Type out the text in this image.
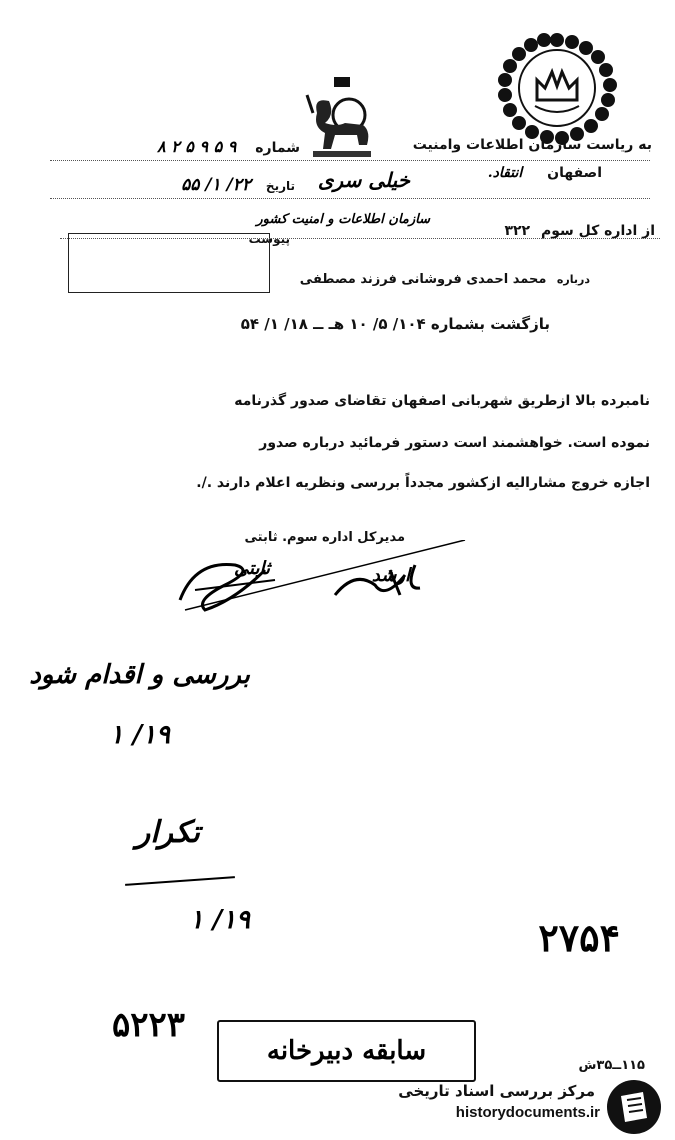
به ریاست سازمان اطلاعات وامنیت
شماره ۹ ۵ ۹ ۵ ۲ ۸
اصفهان انتقاد.
خیلی سری
تاریخ ۲۲/ ۱/ ۵۵
از اداره کل سوم ۳۲۲
سازمان اطلاعات و امنیت کشور
پیوست
درباره محمد احمدی فروشانی فرزند مصطفی
بازگشت بشماره ۱۰۴/ ۵/ ۱۰ هـ ــ ۱۸/ ۱/ ۵۴
نامبرده بالا ازطریق شهربانی اصفهان تقاضای صدور گذرنامه
نموده است. خواهشمند است دستور فرمائید درباره صدور
اجازه خروج مشارالیه ازکشور مجدداً بررسی ونظریه اعلام دارند ./.
مدیرکل اداره سوم. ثابتی
ثابتی	ارشد
بررسی و اقدام شود
۱۹/ ۱
تکرار
۱۹/ ۱	۲۷۵۴
۵۲۲۳
سابقه دبیرخانه	۱۱۵ــ۳۵ش
مرکز بررسی اسناد تاریخی
historydocuments.ir
